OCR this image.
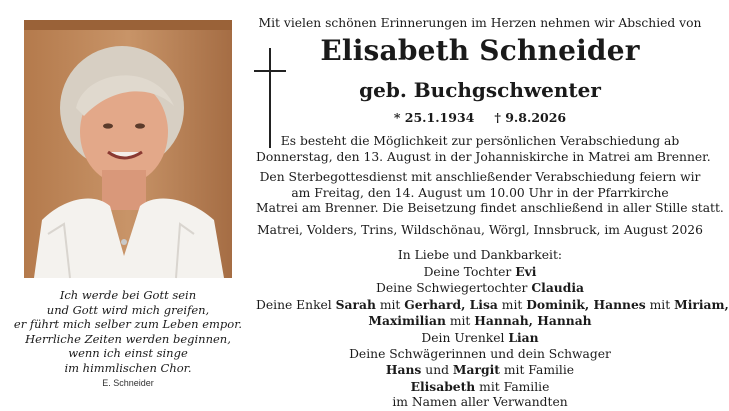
Ich werde bei Gott sein
und Gott wird mich greifen,
er führt mich selber zum Leben empor.
Herrliche Zeiten werden beginnen,
wenn ich einst singe
im himmlischen Chor.
E. Schneider
Mit vielen schönen Erinnerungen im Herzen nehmen wir Abschied von
Elisabeth Schneider
geb. Buchgschwenter
* 25.1.1934 † 9.8.2026
Es besteht die Möglichkeit zur persönlichen Verabschiedung ab
Donnerstag, den 13. August in der Johanniskirche in Matrei am Brenner.
Den Sterbegottesdienst mit anschließender Verabschiedung feiern wir
am Freitag, den 14. August um 10.00 Uhr in der Pfarrkirche
Matrei am Brenner. Die Beisetzung findet anschließend in aller Stille statt.
Matrei, Volders, Trins, Wildschönau, Wörgl, Innsbruck, im August 2026
In Liebe und Dankbarkeit:
Deine Tochter Evi
Deine Schwiegertochter Claudia
Deine Enkel Sarah mit Gerhard, Lisa mit Dominik, Hannes mit Miriam,
Maximilian mit Hannah, Hannah
Dein Urenkel Lian
Deine Schwägerinnen und dein Schwager
Hans und Margit mit Familie
Elisabeth mit Familie
im Namen aller Verwandten
